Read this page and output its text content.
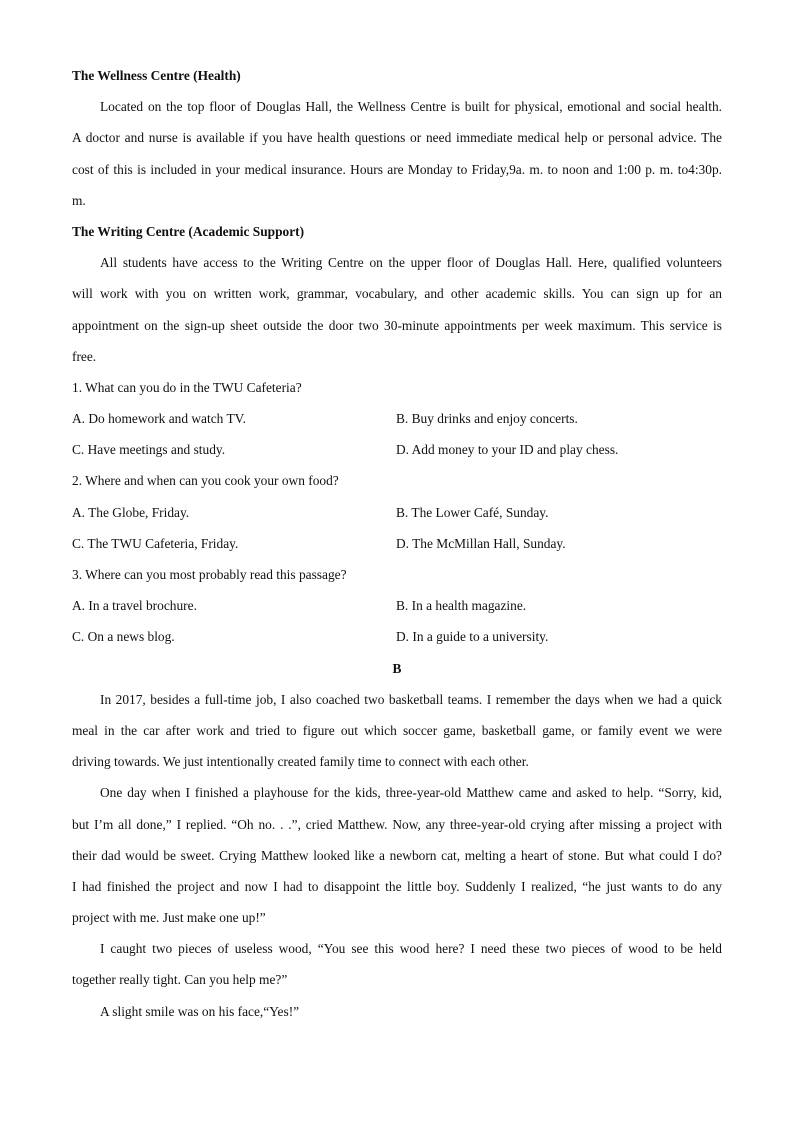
The Wellness Centre (Health)
Located on the top floor of Douglas Hall, the Wellness Centre is built for physical, emotional and social health.
A doctor and nurse is available if you have health questions or need immediate medical help or personal advice. The
cost of this is included in your medical insurance. Hours are Monday to Friday,9a. m. to noon and 1:00 p. m. to4:30p.
m.
The Writing Centre (Academic Support)
All students have access to the Writing Centre on the upper floor of Douglas Hall. Here, qualified volunteers
will work with you on written work, grammar, vocabulary, and other academic skills. You can sign up for an
appointment on the sign-up sheet outside the door two 30-minute appointments per week maximum. This service is
free.
1. What can you do in the TWU Cafeteria?
A. Do homework and watch TV.	B. Buy drinks and enjoy concerts.
C. Have meetings and study.	D. Add money to your ID and play chess.
2. Where and when can you cook your own food?
A. The Globe, Friday.	B. The Lower Café, Sunday.
C. The TWU Cafeteria, Friday.	D. The McMillan Hall, Sunday.
3. Where can you most probably read this passage?
A. In a travel brochure.	B. In a health magazine.
C. On a news blog.	D. In a guide to a university.
B
In 2017, besides a full-time job, I also coached two basketball teams. I remember the days when we had a quick
meal in the car after work and tried to figure out which soccer game, basketball game, or family event we were
driving towards. We just intentionally created family time to connect with each other.
One day when I finished a playhouse for the kids, three-year-old Matthew came and asked to help. “Sorry, kid,
but I’m all done,” I replied. “Oh no. . .”, cried Matthew. Now, any three-year-old crying after missing a project with
their dad would be sweet. Crying Matthew looked like a newborn cat, melting a heart of stone. But what could I do?
I had finished the project and now I had to disappoint the little boy. Suddenly I realized, “he just wants to do any
project with me. Just make one up!”
I caught two pieces of useless wood, “You see this wood here? I need these two pieces of wood to be held
together really tight. Can you help me?”
A slight smile was on his face,“Yes!”
